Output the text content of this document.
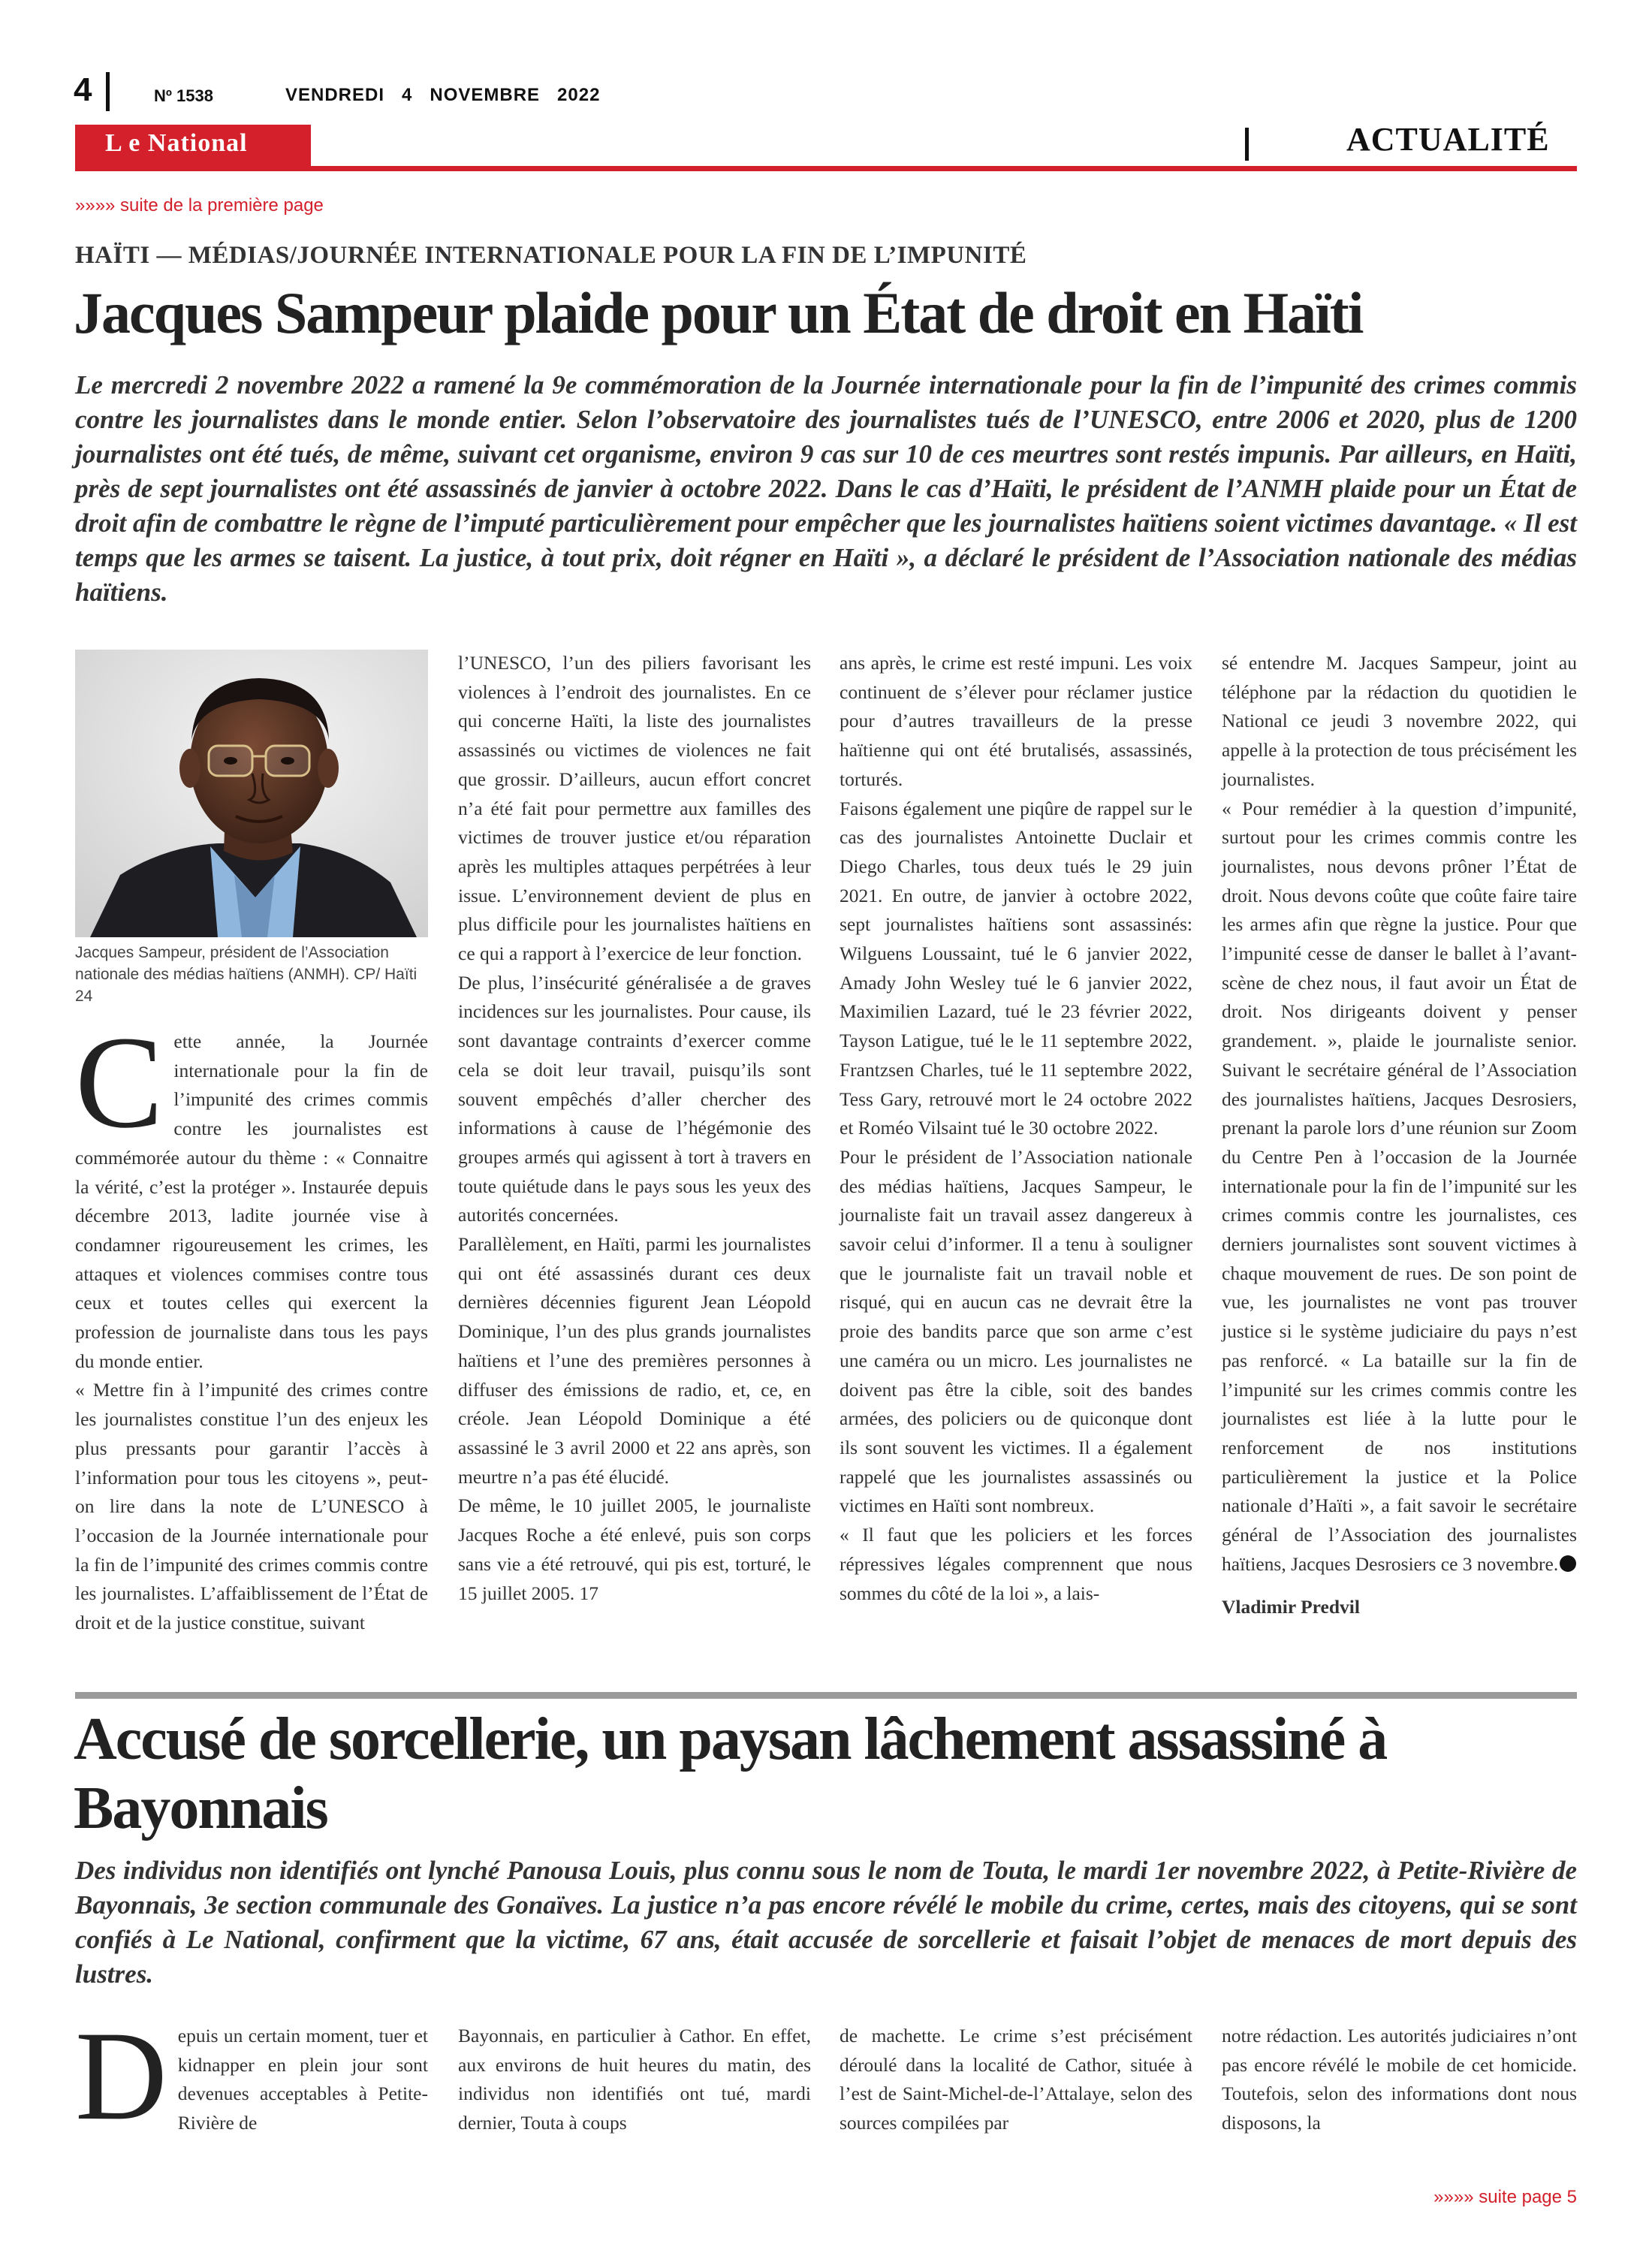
4	Nº 1538	VENDREDI   4   NOVEMBRE   2022
L e National	ACTUALITÉ
»»»» suite de la première page
HAÏTI — MÉDIAS/JOURNÉE INTERNATIONALE POUR LA FIN DE L’IMPUNITÉ
Jacques Sampeur plaide pour un État de droit en Haïti

Le mercredi 2 novembre 2022 a ramené la 9e commémoration de la Journée internationale pour la fin de l’impunité des crimes commis contre les journalistes dans le monde entier. Selon l’observatoire des journalistes tués de l’UNESCO, entre 2006 et 2020, plus de 1200 journalistes ont été tués, de même, suivant cet organisme, environ 9 cas sur 10 de ces meurtres sont restés impunis. Par ailleurs, en Haïti, près de sept journalistes ont été assassinés de janvier à octobre 2022. Dans le cas d’Haïti, le président de l’ANMH plaide pour un État de droit afin de combattre le règne de l’imputé particulièrement pour empêcher que les journalistes haïtiens soient victimes davantage. « Il est temps que les armes se taisent. La justice, à tout prix, doit régner en Haïti », a déclaré le président de l’Association nationale des médias haïtiens.

Jacques Sampeur, président de l’Association nationale des médias haïtiens (ANMH). CP/ Haïti 24

Cette année, la Journée internationale pour la fin de l’impunité des crimes commis contre les journalistes est commémorée autour du thème : « Connaitre la vérité, c’est la protéger ». Instaurée depuis décembre 2013, ladite journée vise à condamner rigoureusement les crimes, les attaques et violences commises contre tous ceux et toutes celles qui exercent la profession de journaliste dans tous les pays du monde entier.

« Mettre fin à l’impunité des crimes contre les journalistes constitue l’un des enjeux les plus pressants pour garantir l’accès à l’information pour tous les citoyens », peut-on lire dans la note de L’UNESCO à l’occasion de la Journée internationale pour la fin de l’impunité des crimes commis contre les journalistes. L’affaiblissement de l’État de droit et de la justice constitue, suivant

l’UNESCO, l’un des piliers favorisant les violences à l’endroit des journalistes. En ce qui concerne Haïti, la liste des journalistes assassinés ou victimes de violences ne fait que grossir. D’ailleurs, aucun effort concret n’a été fait pour permettre aux familles des victimes de trouver justice et/ou réparation après les multiples attaques perpétrées à leur issue. L’environnement devient de plus en plus difficile pour les journalistes haïtiens en ce qui a rapport à l’exercice de leur fonction.

De plus, l’insécurité généralisée a de graves incidences sur les journalistes. Pour cause, ils sont davantage contraints d’exercer comme cela se doit leur travail, puisqu’ils sont souvent empêchés d’aller chercher des informations à cause de l’hégémonie des groupes armés qui agissent à tort à travers en toute quiétude dans le pays sous les yeux des autorités concernées.

Parallèlement, en Haïti, parmi les journalistes qui ont été assassinés durant ces deux dernières décennies figurent Jean Léopold Dominique, l’un des plus grands journalistes haïtiens et l’une des premières personnes à diffuser des émissions de radio, et, ce, en créole. Jean Léopold Dominique a été assassiné le 3 avril 2000 et 22 ans après, son meurtre n’a pas été élucidé.

De même, le 10 juillet 2005, le journaliste Jacques Roche a été enlevé, puis son corps sans vie a été retrouvé, qui pis est, torturé, le 15 juillet 2005. 17

ans après, le crime est resté impuni. Les voix continuent de s’élever pour réclamer justice pour d’autres travailleurs de la presse haïtienne qui ont été brutalisés, assassinés, torturés.

Faisons également une piqûre de rappel sur le cas des journalistes Antoinette Duclair et Diego Charles, tous deux tués le 29 juin 2021. En outre, de janvier à octobre 2022, sept journalistes haïtiens sont assassinés: Wilguens Loussaint, tué le 6 janvier 2022, Amady John Wesley tué le 6 janvier 2022, Maximilien Lazard, tué le 23 février 2022, Tayson Latigue, tué le le 11 septembre 2022, Frantzsen Charles, tué le 11 septembre 2022, Tess Gary, retrouvé mort le 24 octobre 2022 et Roméo Vilsaint tué le 30 octobre 2022.

Pour le président de l’Association nationale des médias haïtiens, Jacques Sampeur, le journaliste fait un travail assez dangereux à savoir celui d’informer. Il a tenu à souligner que le journaliste fait un travail noble et risqué, qui en aucun cas ne devrait être la proie des bandits parce que son arme c’est une caméra ou un micro. Les journalistes ne doivent pas être la cible, soit des bandes armées, des policiers ou de quiconque dont ils sont souvent les victimes. Il a également rappelé que les journalistes assassinés ou victimes en Haïti sont nombreux.

« Il faut que les policiers et les forces répressives légales comprennent que nous sommes du côté de la loi », a lais-

sé entendre M. Jacques Sampeur, joint au téléphone par la rédaction du quotidien le National ce jeudi 3 novembre 2022, qui appelle à la protection de tous précisément les journalistes.

« Pour remédier à la question d’impunité, surtout pour les crimes commis contre les journalistes, nous devons prôner l’État de droit. Nous devons coûte que coûte faire taire les armes afin que règne la justice. Pour que l’impunité cesse de danser le ballet à l’avant-scène de chez nous, il faut avoir un État de droit. Nos dirigeants doivent y penser grandement. », plaide le journaliste senior. Suivant le secrétaire général de l’Association des journalistes haïtiens, Jacques Desrosiers, prenant la parole lors d’une réunion sur Zoom du Centre Pen à l’occasion de la Journée internationale pour la fin de l’impunité sur les crimes commis contre les journalistes, ces derniers journalistes sont souvent victimes à chaque mouvement de rues. De son point de vue, les journalistes ne vont pas trouver justice si le système judiciaire du pays n’est pas renforcé. « La bataille sur la fin de l’impunité sur les crimes commis contre les journalistes est liée à la lutte pour le renforcement de nos institutions particulièrement la justice et la Police nationale d’Haïti », a fait savoir le secrétaire général de l’Association des journalistes haïtiens, Jacques Desrosiers ce 3 novembre.

Vladimir Predvil

Accusé de sorcellerie, un paysan lâchement assassiné à Bayonnais

Des individus non identifiés ont lynché Panousa Louis, plus connu sous le nom de Touta, le mardi 1er novembre 2022, à Petite-Rivière de Bayonnais, 3e section communale des Gonaïves. La justice n’a pas encore révélé le mobile du crime, certes, mais des citoyens, qui se sont confiés à Le National, confirment que la victime, 67 ans, était accusée de sorcellerie et faisait l’objet de menaces de mort depuis des lustres.

Depuis un certain moment, tuer et kidnapper en plein jour sont devenues acceptables à Petite-Rivière de

Bayonnais, en particulier à Cathor. En effet, aux environs de huit heures du matin, des individus non identifiés ont tué, mardi dernier, Touta à coups

de machette. Le crime s’est précisément déroulé dans la localité de Cathor, située à l’est de Saint-Michel-de-l’Attalaye, selon des sources compilées par

notre rédaction. Les autorités judiciaires n’ont pas encore révélé le mobile de cet homicide. Toutefois, selon des informations dont nous disposons, la

»»»» suite page 5
